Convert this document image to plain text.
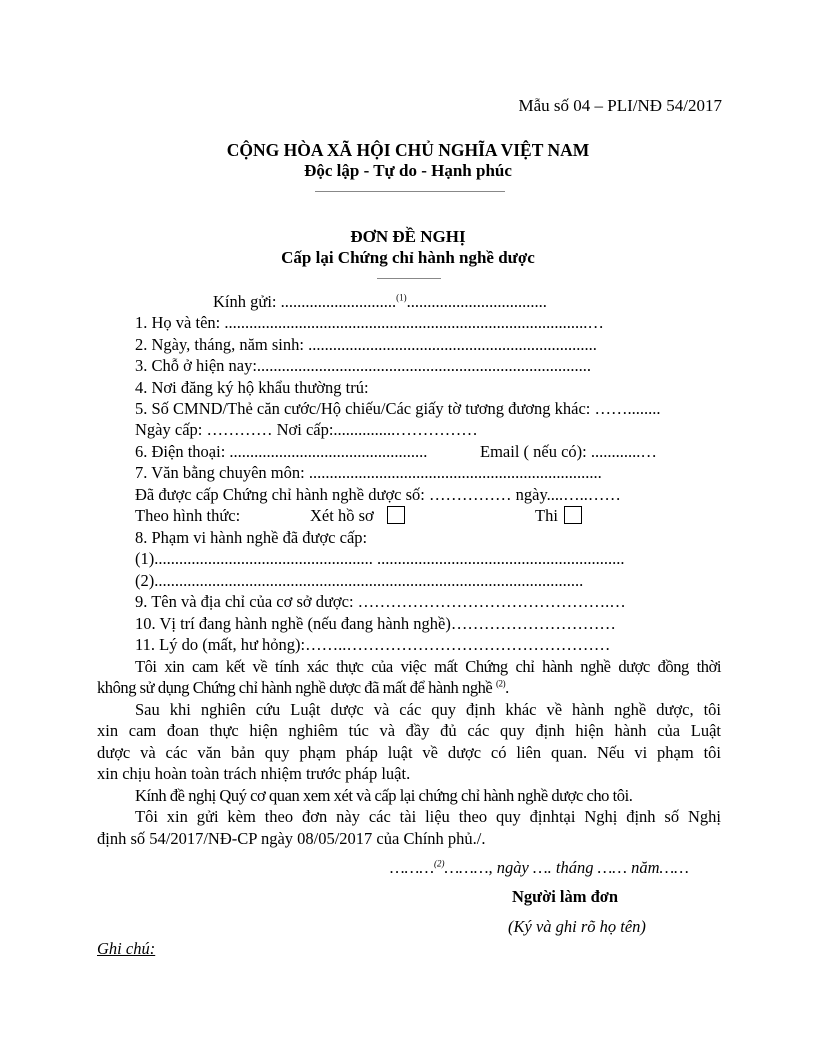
Mẫu số 04 – PLI/NĐ 54/2017
CỘNG HÒA XÃ HỘI CHỦ NGHĨA VIỆT NAM
Độc lập - Tự do - Hạnh phúc
ĐƠN ĐỀ NGHỊ
Cấp lại Chứng chỉ hành nghề dược
Kính gửi: ............................$^{(1)}$..................................
1. Họ và tên: ........................................................................................…
2. Ngày, tháng, năm sinh: ......................................................................
3. Chỗ ở hiện nay:.................................................................................
4. Nơi đăng ký hộ khẩu thường trú:
5. Số CMND/Thẻ căn cước/Hộ chiếu/Các giấy tờ tương đương khác: ……........
Ngày cấp: ………… Nơi cấp:...............……………
6. Điện thoại: ................................................	Email ( nếu có): ............…
7. Văn bằng chuyên môn: .......................................................................
Đã được cấp Chứng chỉ hành nghề dược số: …………… ngày....…..……
Theo hình thức:	Xét hồ sơ	Thi
8. Phạm vi hành nghề đã được cấp:
(1)..................................................... ............................................................
(2)........................................................................................................
9. Tên và địa chỉ của cơ sở dược: ……………………………………….…
10. Vị trí đang hành nghề (nếu đang hành nghề)…………………………
11. Lý do (mất, hư hỏng):……..…………………………………………
Tôi xin cam kết về tính xác thực của việc mất Chứng chỉ hành nghề dược đồng thời
không sử dụng Chứng chỉ hành nghề dược đã mất để hành nghề $^{(2)}$.
Sau khi nghiên cứu Luật dược và các quy định khác về hành nghề dược, tôi
xin cam đoan thực hiện nghiêm túc và đầy đủ các quy định hiện hành của Luật
dược và các văn bản quy phạm pháp luật về dược có liên quan. Nếu vi phạm tôi
xin chịu hoàn toàn trách nhiệm trước pháp luật.
Kính đề nghị Quý cơ quan xem xét và cấp lại chứng chỉ hành nghề dược cho tôi.
Tôi xin gửi kèm theo đơn này các tài liệu theo quy địnhtại Nghị định số Nghị
định số 54/2017/NĐ-CP ngày 08/05/2017 của Chính phủ./.
………$^{(2)}$………, ngày …. tháng …… năm……
Người làm đơn
(Ký và ghi rõ họ tên)
Ghi chú:
